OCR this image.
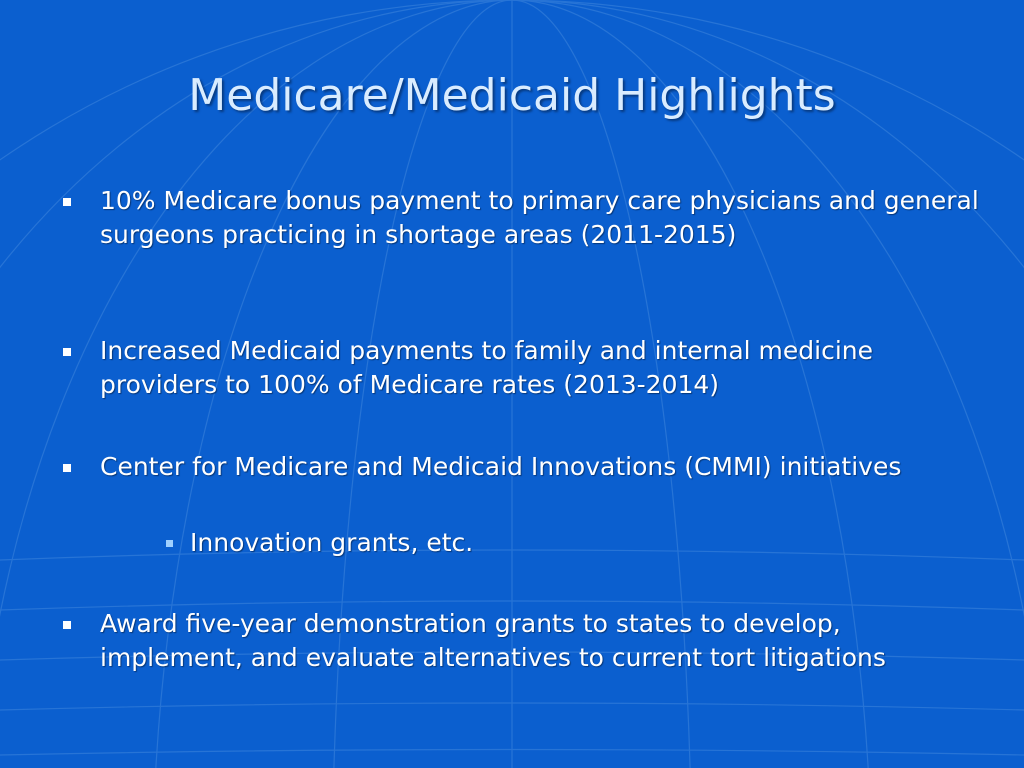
Medicare/Medicaid Highlights
10% Medicare bonus payment to primary care physicians and general surgeons practicing in shortage areas (2011-2015)
Increased Medicaid payments to family and internal medicine providers to 100% of Medicare rates (2013-2014)
Center for Medicare and Medicaid Innovations (CMMI) initiatives
Innovation grants, etc.
Award five-year demonstration grants to states to develop, implement, and evaluate alternatives to current tort litigations
